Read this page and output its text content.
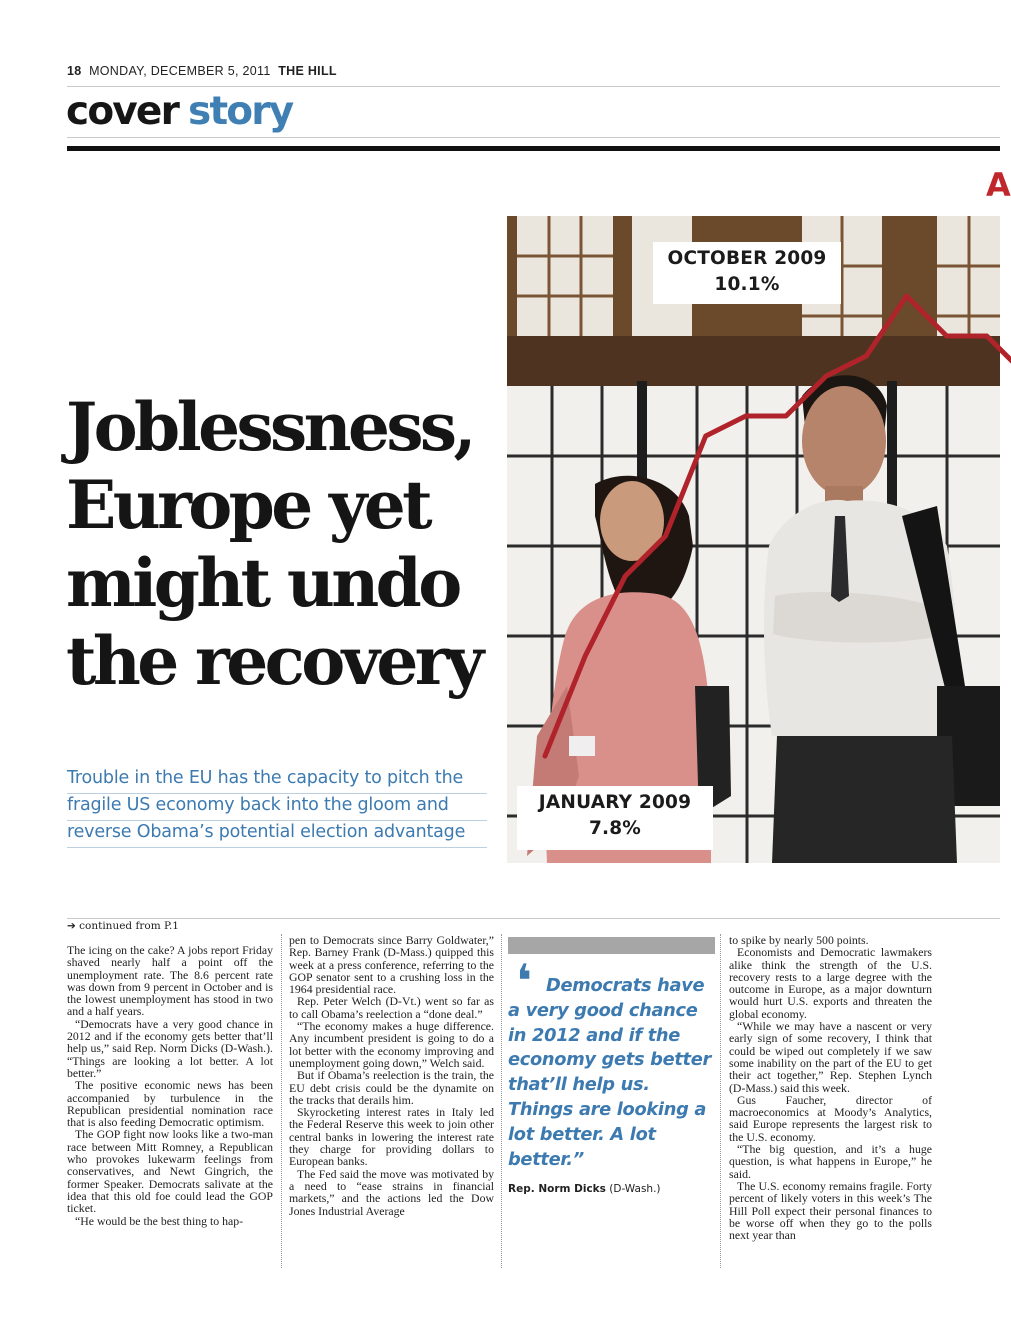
18 MONDAY, DECEMBER 5, 2011 THE HILL
cover story
A
Joblessness, Europe yet might undo the recovery
Trouble in the EU has the capacity to pitch the
fragile US economy back into the gloom and
reverse Obama’s potential election advantage
OCTOBER 2009
10.1%
JANUARY 2009
7.8%
➔ continued from P.1

The icing on the cake? A jobs report Friday shaved nearly half a point off the unemployment rate. The 8.6 percent rate was down from 9 percent in October and is the lowest unemployment has stood in two and a half years.

“Democrats have a very good chance in 2012 and if the economy gets better that’ll help us,” said Rep. Norm Dicks (D-Wash.). “Things are looking a lot better. A lot better.”

The positive economic news has been accompanied by turbulence in the Republican presidential nomination race that is also feeding Democratic optimism.

The GOP fight now looks like a two-man race between Mitt Romney, a Republican who provokes lukewarm feelings from conservatives, and Newt Gingrich, the former Speaker. Democrats salivate at the idea that this old foe could lead the GOP ticket.

“He would be the best thing to hap-

pen to Democrats since Barry Goldwater,” Rep. Barney Frank (D-Mass.) quipped this week at a press conference, referring to the GOP senator sent to a crushing loss in the 1964 presidential race.

Rep. Peter Welch (D-Vt.) went so far as to call Obama’s reelection a “done deal.”

“The economy makes a huge difference. Any incumbent president is going to do a lot better with the economy improving and unemployment going down,” Welch said.

But if Obama’s reelection is the train, the EU debt crisis could be the dynamite on the tracks that derails him.

Skyrocketing interest rates in Italy led the Federal Reserve this week to join other central banks in lowering the interest rate they charge for providing dollars to European banks.

The Fed said the move was motivated by a need to “ease strains in financial markets,” and the actions led the Dow Jones Industrial Average

❛ Democrats have a very good chance in 2012 and if the economy gets better that’ll help us. Things are looking a lot better. A lot better.”

Rep. Norm Dicks (D-Wash.)

to spike by nearly 500 points.

Economists and Democratic lawmakers alike think the strength of the U.S. recovery rests to a large degree with the outcome in Europe, as a major downturn would hurt U.S. exports and threaten the global economy.

“While we may have a nascent or very early sign of some recovery, I think that could be wiped out completely if we saw some inability on the part of the EU to get their act together,” Rep. Stephen Lynch (D-Mass.) said this week.

Gus Faucher, director of macroeconomics at Moody’s Analytics, said Europe represents the largest risk to the U.S. economy.

“The big question, and it’s a huge question, is what happens in Europe,” he said.

The U.S. economy remains fragile. Forty percent of likely voters in this week’s The Hill Poll expect their personal finances to be worse off when they go to the polls next year than
